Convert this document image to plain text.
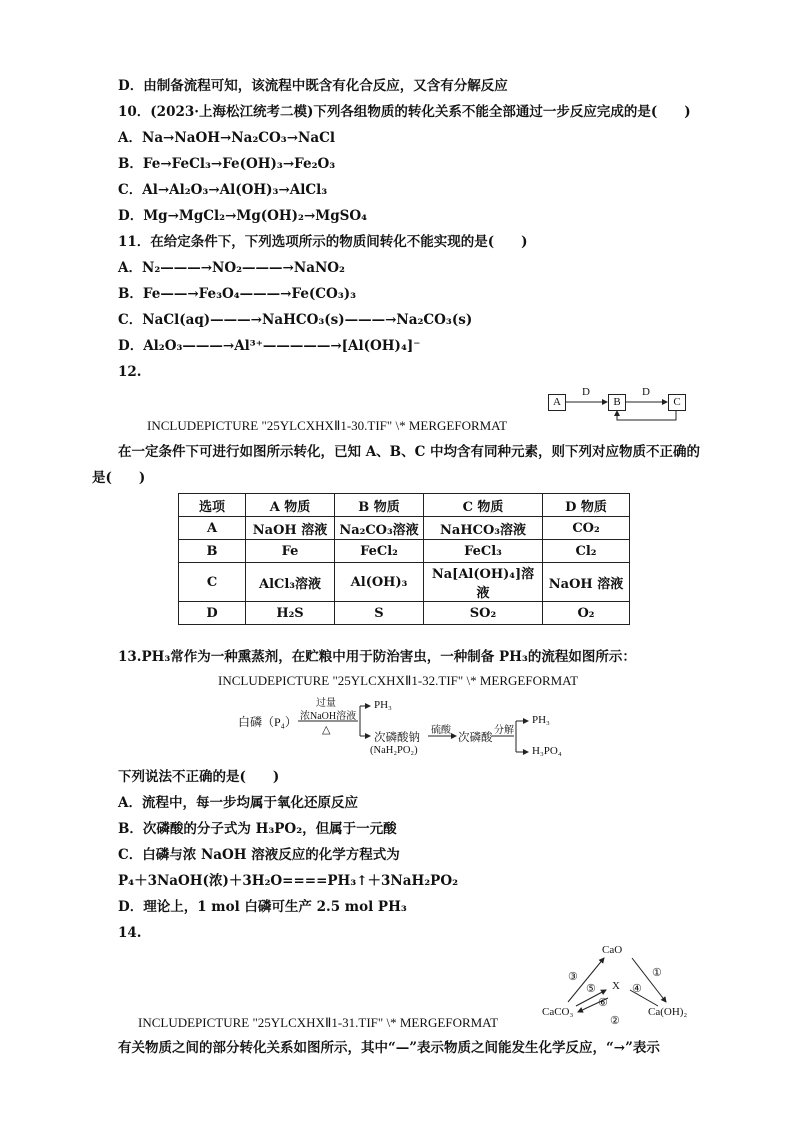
D．由制备流程可知，该流程中既含有化合反应，又含有分解反应
10．(2023·上海松江统考二模)下列各组物质的转化关系不能全部通过一步反应完成的是(　　)
A．Na→NaOH→Na₂CO₃→NaCl
B．Fe→FeCl₃→Fe(OH)₃→Fe₂O₃
C．Al→Al₂O₃→Al(OH)₃→AlCl₃
D．Mg→MgCl₂→Mg(OH)₂→MgSO₄
11．在给定条件下，下列选项所示的物质间转化不能实现的是(　　)
A．N₂———→NO₂———→NaNO₂
B．Fe——→Fe₃O₄———→Fe(CO₃)₃
C．NaCl(aq)———→NaHCO₃(s)———→Na₂CO₃(s)
D．Al₂O₃———→Al³⁺—————→[Al(OH)₄]⁻
12.
A	B	C
D	D
INCLUDEPICTURE "25YLCXHXⅡ1-30.TIF" \* MERGEFORMAT
在一定条件下可进行如图所示转化，已知 A、B、C 中均含有同种元素，则下列对应物质不正确的
是(　　)
选项	A 物质	B 物质	C 物质	D 物质
A	NaOH 溶液	Na₂CO₃溶液	NaHCO₃溶液	CO₂
B	Fe	FeCl₂	FeCl₃	Cl₂
C	AlCl₃溶液	Al(OH)₃	Na[Al(OH)₄]溶液	NaOH 溶液
D	H₂S	S	SO₂	O₂
13.PH₃常作为一种熏蒸剂，在贮粮中用于防治害虫，一种制备 PH₃的流程如图所示：
INCLUDEPICTURE "25YLCXHXⅡ1-32.TIF" \* MERGEFORMAT
白磷（P₄）
过量
浓NaOH溶液
△
PH₃
次磷酸钠
(NaH₂PO₂)
硫酸
次磷酸
分解
PH₃
H₃PO₄
下列说法不正确的是(　　)
A．流程中，每一步均属于氧化还原反应
B．次磷酸的分子式为 H₃PO₂，但属于一元酸
C．白磷与浓 NaOH 溶液反应的化学方程式为
P₄＋3NaOH(浓)＋3H₂O====PH₃↑＋3NaH₂PO₂
D．理论上，1 mol 白磷可生产 2.5 mol PH₃
14.
CaO
X
CaCO₃	Ca(OH)₂
③	①
⑤	④
⑥
②
INCLUDEPICTURE "25YLCXHXⅡ1-31.TIF" \* MERGEFORMAT
有关物质之间的部分转化关系如图所示，其中“—”表示物质之间能发生化学反应，“→”表示
